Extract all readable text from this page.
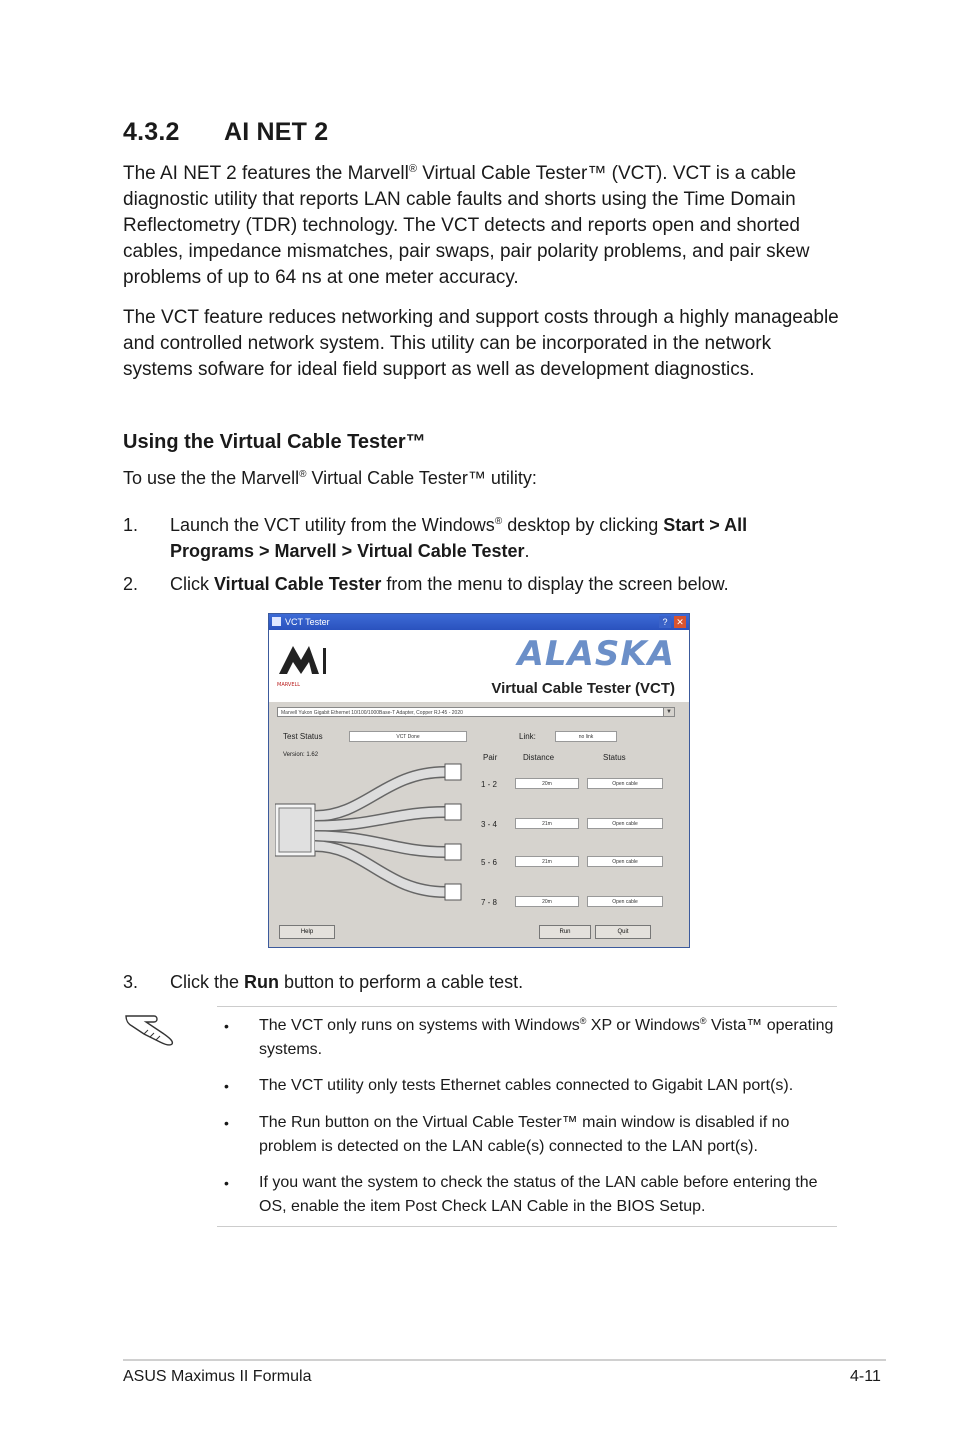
4.3.2 AI NET 2
The AI NET 2 features the Marvell® Virtual Cable Tester™ (VCT). VCT is a cable diagnostic utility that reports LAN cable faults and shorts using the Time Domain Reflectometry (TDR) technology. The VCT detects and reports open and shorted cables, impedance mismatches, pair swaps, pair polarity problems, and pair skew problems of up to 64 ns at one meter accuracy.
The VCT feature reduces networking and support costs through a highly manageable and controlled network system. This utility can be incorporated in the network systems sofware for ideal field support as well as development diagnostics.
Using the Virtual Cable Tester™
To use the the Marvell® Virtual Cable Tester™ utility:
1. Launch the VCT utility from the Windows® desktop by clicking Start > All Programs > Marvell > Virtual Cable Tester.
2. Click Virtual Cable Tester from the menu to display the screen below.
VCT Tester	? ✕
MARVELL
ALASKA
Virtual Cable Tester (VCT)
Marvell Yukon Gigabit Ethernet 10/100/1000Base-T Adapter, Copper RJ-45 - 2020	▼
Test Status	VCT Done	Link:	no link
Version: 1.62	Pair	Distance	Status
1 - 2	20m	Open cable
3 - 4	21m	Open cable
5 - 6	21m	Open cable
7 - 8	20m	Open cable
Help	Run	Quit
3. Click the Run button to perform a cable test.
• The VCT only runs on systems with Windows® XP or Windows® Vista™ operating systems.
• The VCT utility only tests Ethernet cables connected to Gigabit LAN port(s).
• The Run button on the Virtual Cable Tester™ main window is disabled if no problem is detected on the LAN cable(s) connected to the LAN port(s).
• If you want the system to check the status of the LAN cable before entering the OS, enable the item Post Check LAN Cable in the BIOS Setup.
ASUS Maximus II Formula	4-11
